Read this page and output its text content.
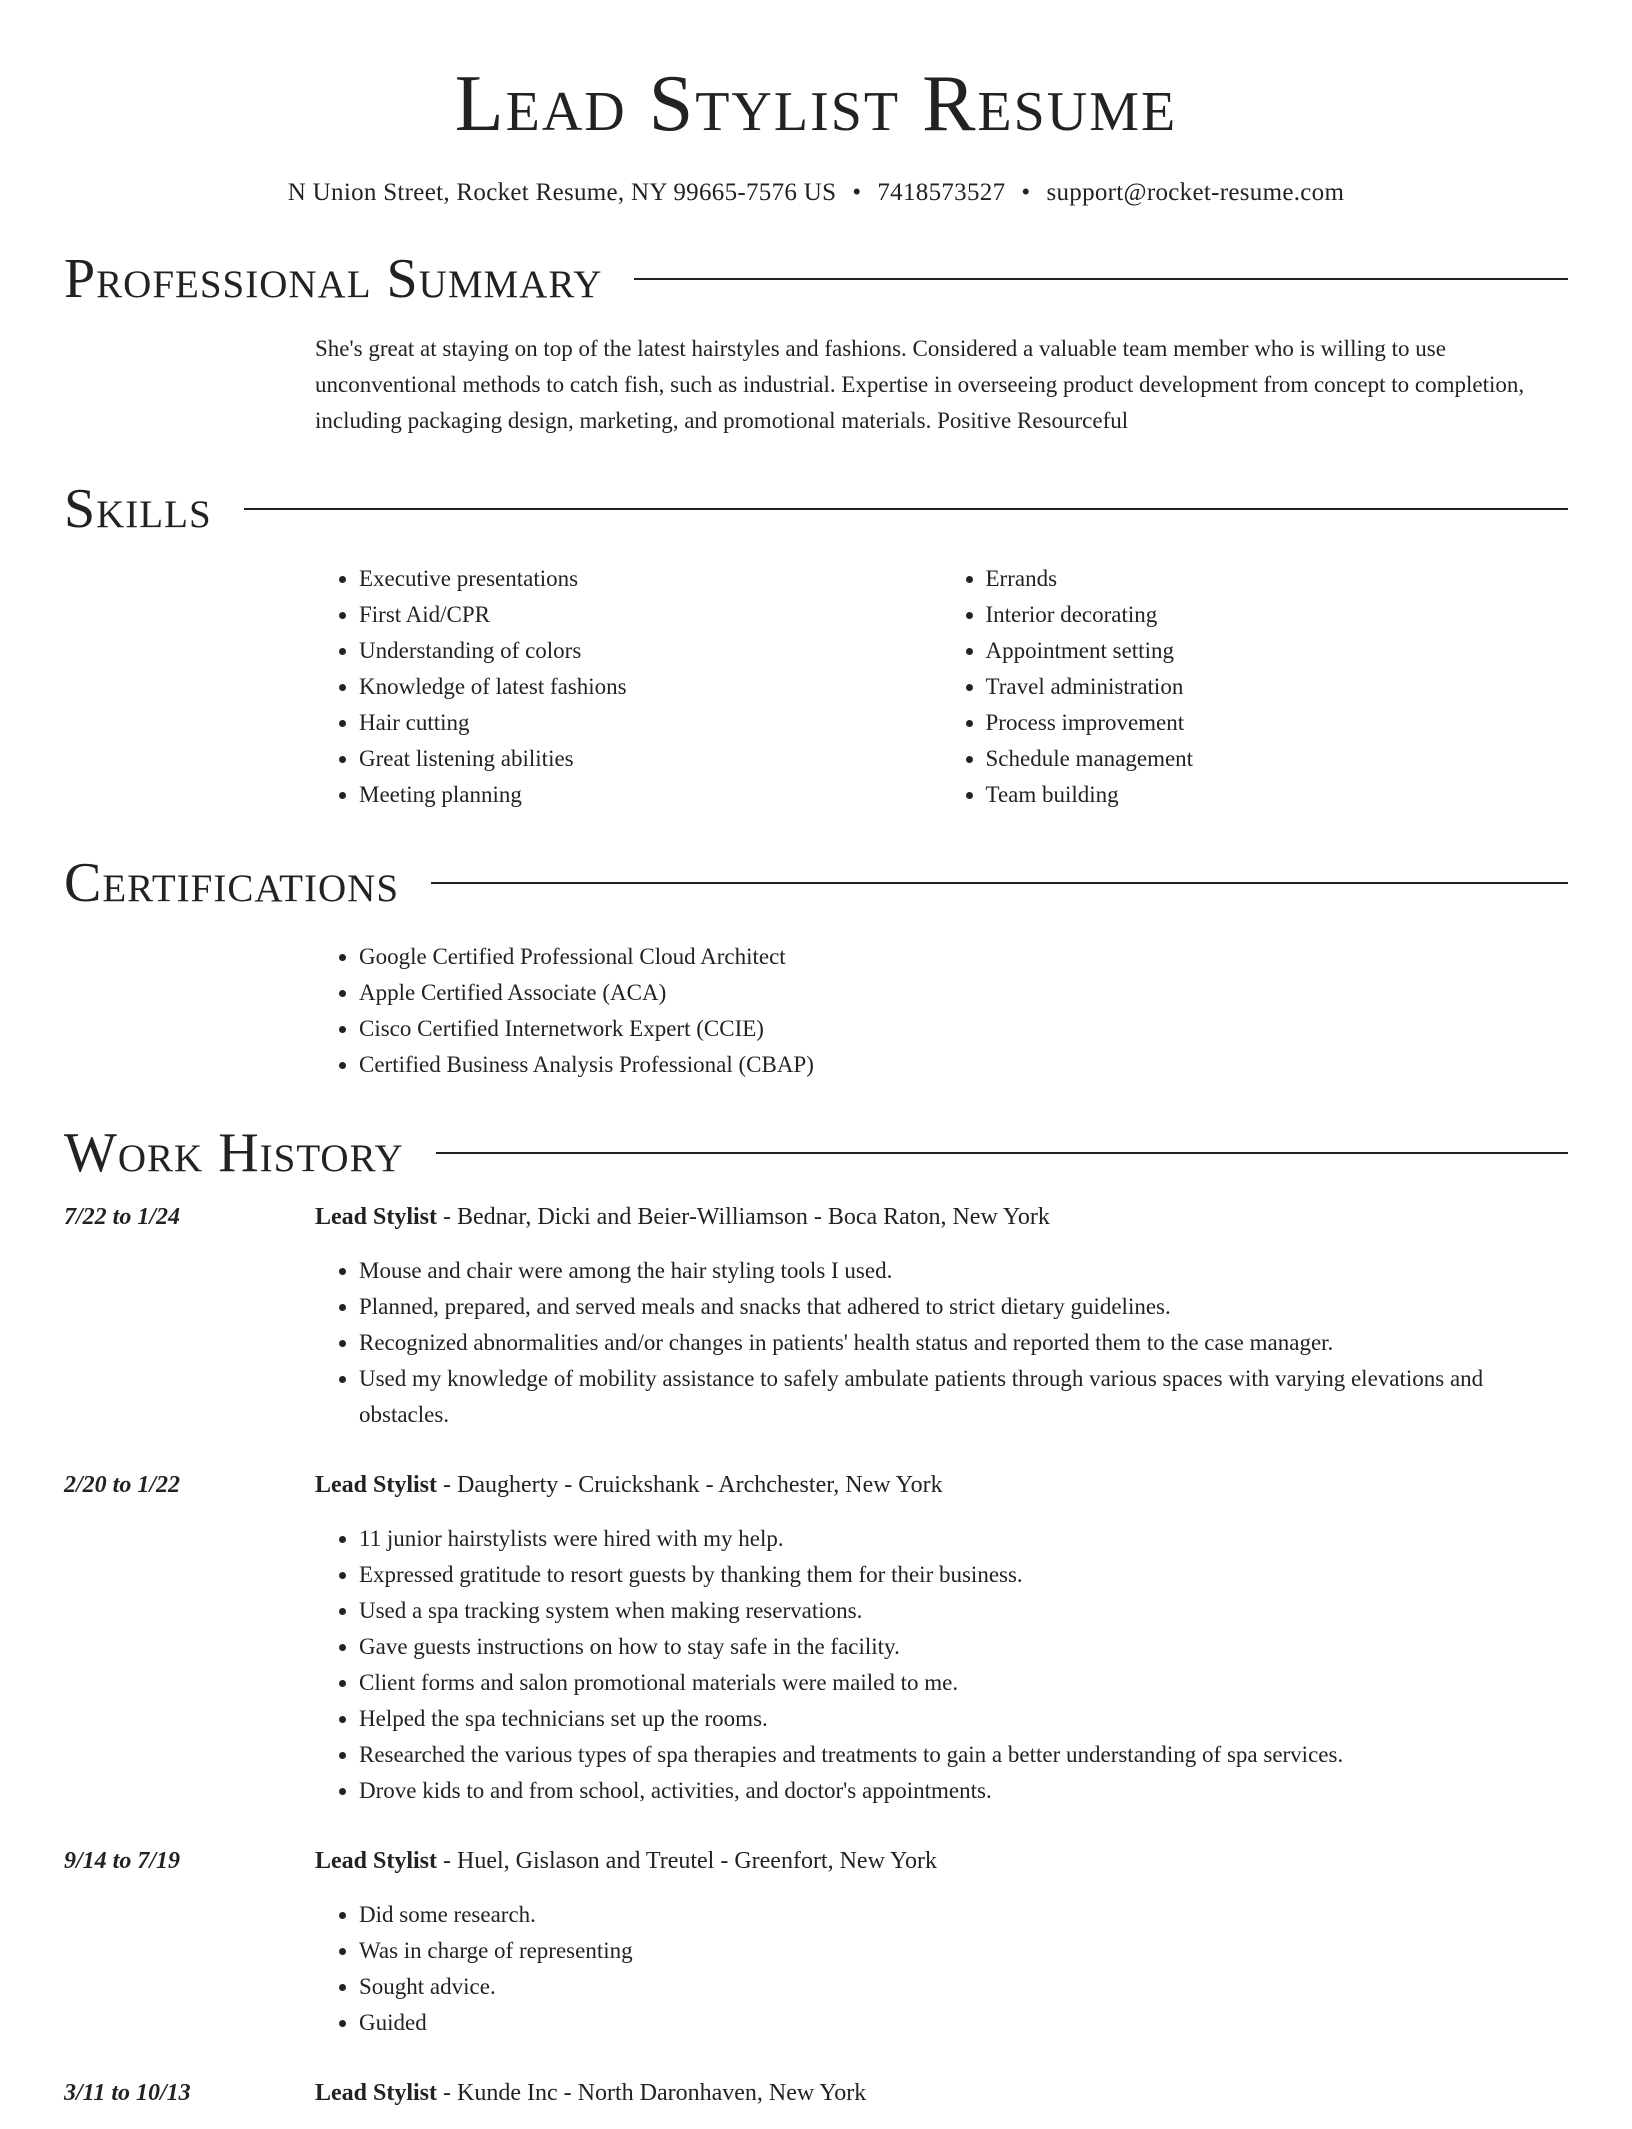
Lead Stylist Resume
N Union Street, Rocket Resume, NY 99665-7576 US • 7418573527 • support@rocket-resume.com
Professional Summary
She's great at staying on top of the latest hairstyles and fashions. Considered a valuable team member who is willing to use unconventional methods to catch fish, such as industrial. Expertise in overseeing product development from concept to completion, including packaging design, marketing, and promotional materials. Positive Resourceful
Skills
• Executive presentations
• First Aid/CPR
• Understanding of colors
• Knowledge of latest fashions
• Hair cutting
• Great listening abilities
• Meeting planning
• Errands
• Interior decorating
• Appointment setting
• Travel administration
• Process improvement
• Schedule management
• Team building
Certifications
• Google Certified Professional Cloud Architect
• Apple Certified Associate (ACA)
• Cisco Certified Internetwork Expert (CCIE)
• Certified Business Analysis Professional (CBAP)
Work History
7/22 to 1/24	Lead Stylist - Bednar, Dicki and Beier-Williamson - Boca Raton, New York
• Mouse and chair were among the hair styling tools I used.
• Planned, prepared, and served meals and snacks that adhered to strict dietary guidelines.
• Recognized abnormalities and/or changes in patients' health status and reported them to the case manager.
• Used my knowledge of mobility assistance to safely ambulate patients through various spaces with varying elevations and obstacles.
2/20 to 1/22	Lead Stylist - Daugherty - Cruickshank - Archchester, New York
• 11 junior hairstylists were hired with my help.
• Expressed gratitude to resort guests by thanking them for their business.
• Used a spa tracking system when making reservations.
• Gave guests instructions on how to stay safe in the facility.
• Client forms and salon promotional materials were mailed to me.
• Helped the spa technicians set up the rooms.
• Researched the various types of spa therapies and treatments to gain a better understanding of spa services.
• Drove kids to and from school, activities, and doctor's appointments.
9/14 to 7/19	Lead Stylist - Huel, Gislason and Treutel - Greenfort, New York
• Did some research.
• Was in charge of representing
• Sought advice.
• Guided
3/11 to 10/13	Lead Stylist - Kunde Inc - North Daronhaven, New York
